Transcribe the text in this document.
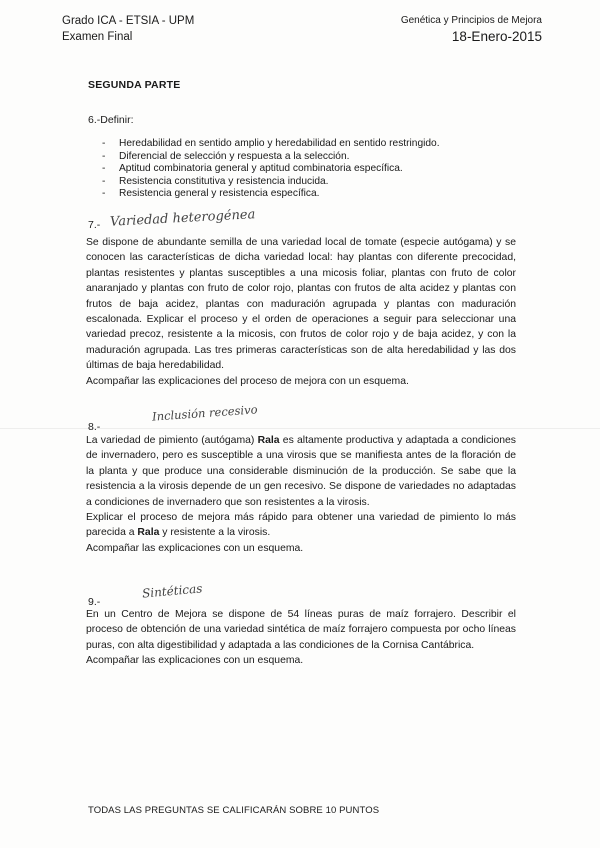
Grado ICA - ETSIA - UPM
Examen Final
Genética y Principios de Mejora
18-Enero-2015
SEGUNDA PARTE
6.-Definir:
- Heredabilidad en sentido amplio y heredabilidad en sentido restringido.
- Diferencial de selección y respuesta a la selección.
- Aptitud combinatoria general y aptitud combinatoria específica.
- Resistencia constitutiva y resistencia inducida.
- Resistencia general y resistencia específica.
7.- Variedad heterogénea

Se dispone de abundante semilla de una variedad local de tomate (especie autógama) y se conocen las características de dicha variedad local: hay plantas con diferente precocidad, plantas resistentes y plantas susceptibles a una micosis foliar, plantas con fruto de color anaranjado y plantas con fruto de color rojo, plantas con frutos de alta acidez y plantas con frutos de baja acidez, plantas con maduración agrupada y plantas con maduración escalonada. Explicar el proceso y el orden de operaciones a seguir para seleccionar una variedad precoz, resistente a la micosis, con frutos de color rojo y de baja acidez, y con la maduración agrupada. Las tres primeras características son de alta heredabilidad y las dos últimas de baja heredabilidad.

Acompañar las explicaciones del proceso de mejora con un esquema.

8.-
Inclusión recesivo

La variedad de pimiento (autógama) Rala es altamente productiva y adaptada a condiciones de invernadero, pero es susceptible a una virosis que se manifiesta antes de la floración de la planta y que produce una considerable disminución de la producción. Se sabe que la resistencia a la virosis depende de un gen recesivo. Se dispone de variedades no adaptadas a condiciones de invernadero que son resistentes a la virosis.

Explicar el proceso de mejora más rápido para obtener una variedad de pimiento lo más parecida a Rala y resistente a la virosis.

Acompañar las explicaciones con un esquema.

9.-
Sintéticas

En un Centro de Mejora se dispone de 54 líneas puras de maíz forrajero. Describir el proceso de obtención de una variedad sintética de maíz forrajero compuesta por ocho líneas puras, con alta digestibilidad y adaptada a las condiciones de la Cornisa Cantábrica.

Acompañar las explicaciones con un esquema.

TODAS LAS PREGUNTAS SE CALIFICARÁN SOBRE 10 PUNTOS
